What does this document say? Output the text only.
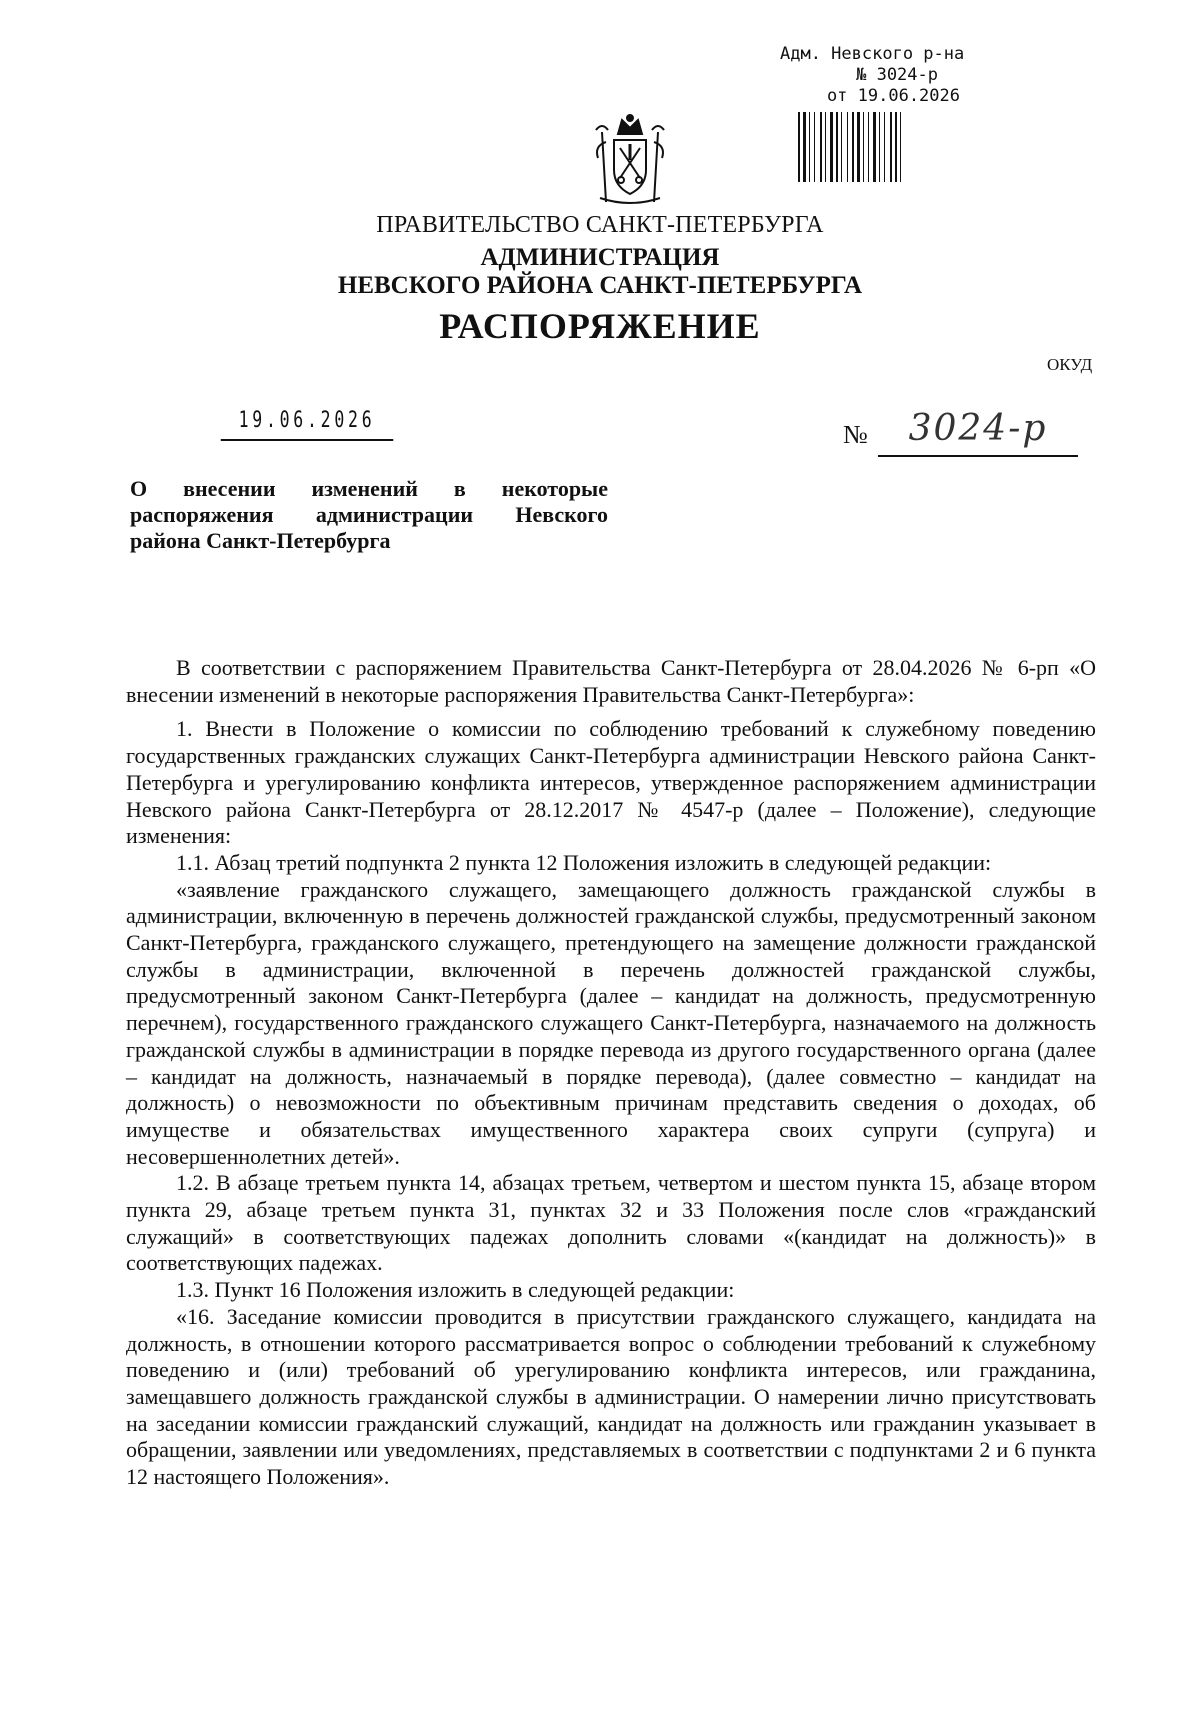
Адм. Невского р-на
№ 3024-р
от 19.06.2026
ПРАВИТЕЛЬСТВО САНКТ-ПЕТЕРБУРГА
АДМИНИСТРАЦИЯ
НЕВСКОГО РАЙОНА САНКТ-ПЕТЕРБУРГА
РАСПОРЯЖЕНИЕ
ОКУД
19.06.2026	№	3024-р
О внесении изменений в некоторые
распоряжения администрации Невского
района Санкт-Петербурга

В соответствии с распоряжением Правительства Санкт-Петербурга от 28.04.2026 № 6-рп «О внесении изменений в некоторые распоряжения Правительства Санкт-Петербурга»:

1. Внести в Положение о комиссии по соблюдению требований к служебному поведению государственных гражданских служащих Санкт-Петербурга администрации Невского района Санкт-Петербурга и урегулированию конфликта интересов, утвержденное распоряжением администрации Невского района Санкт-Петербурга от 28.12.2017 № 4547-р (далее – Положение), следующие изменения:

1.1. Абзац третий подпункта 2 пункта 12 Положения изложить в следующей редакции:

«заявление гражданского служащего, замещающего должность гражданской службы в администрации, включенную в перечень должностей гражданской службы, предусмотренный законом Санкт-Петербурга, гражданского служащего, претендующего на замещение должности гражданской службы в администрации, включенной в перечень должностей гражданской службы, предусмотренный законом Санкт-Петербурга (далее – кандидат на должность, предусмотренную перечнем), государственного гражданского служащего Санкт-Петербурга, назначаемого на должность гражданской службы в администрации в порядке перевода из другого государственного органа (далее – кандидат на должность, назначаемый в порядке перевода), (далее совместно – кандидат на должность) о невозможности по объективным причинам представить сведения о доходах, об имуществе и обязательствах имущественного характера своих супруги (супруга) и несовершеннолетних детей».

1.2. В абзаце третьем пункта 14, абзацах третьем, четвертом и шестом пункта 15, абзаце втором пункта 29, абзаце третьем пункта 31, пунктах 32 и 33 Положения после слов «гражданский служащий» в соответствующих падежах дополнить словами «(кандидат на должность)» в соответствующих падежах.

1.3. Пункт 16 Положения изложить в следующей редакции:

«16. Заседание комиссии проводится в присутствии гражданского служащего, кандидата на должность, в отношении которого рассматривается вопрос о соблюдении требований к служебному поведению и (или) требований об урегулированию конфликта интересов, или гражданина, замещавшего должность гражданской службы в администрации. О намерении лично присутствовать на заседании комиссии гражданский служащий, кандидат на должность или гражданин указывает в обращении, заявлении или уведомлениях, представляемых в соответствии с подпунктами 2 и 6 пункта 12 настоящего Положения».
